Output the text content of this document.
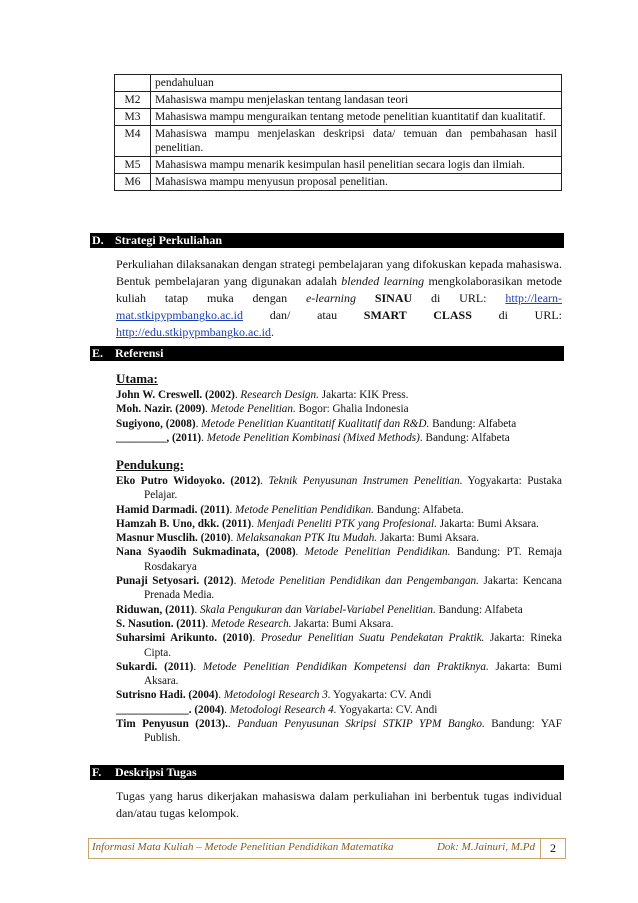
	pendahuluan
M2	Mahasiswa mampu menjelaskan tentang landasan teori
M3	Mahasiswa mampu menguraikan tentang metode penelitian kuantitatif dan kualitatif.
M4	Mahasiswa mampu menjelaskan deskripsi data/ temuan dan pembahasan hasil penelitian.
M5	Mahasiswa mampu menarik kesimpulan hasil penelitian secara logis dan ilmiah.
M6	Mahasiswa mampu menyusun proposal penelitian.
D. Strategi Perkuliahan
Perkuliahan dilaksanakan dengan strategi pembelajaran yang difokuskan kepada mahasiswa. Bentuk pembelajaran yang digunakan adalah blended learning mengkolaborasikan metode kuliah tatap muka dengan e-learning SINAU di URL: http://learn-mat.stkipypmbangko.ac.id dan/ atau SMART CLASS di URL: http://edu.stkipypmbangko.ac.id.
E. Referensi
Utama:
John W. Creswell. (2002). Research Design. Jakarta: KIK Press.
Moh. Nazir. (2009). Metode Penelitian. Bogor: Ghalia Indonesia
Sugiyono, (2008). Metode Penelitian Kuantitatif Kualitatif dan R&D. Bandung: Alfabeta
_________, (2011). Metode Penelitian Kombinasi (Mixed Methods). Bandung: Alfabeta
Pendukung:
Eko Putro Widoyoko. (2012). Teknik Penyusunan Instrumen Penelitian. Yogyakarta: Pustaka Pelajar.
Hamid Darmadi. (2011). Metode Penelitian Pendidikan. Bandung: Alfabeta.
Hamzah B. Uno, dkk. (2011). Menjadi Peneliti PTK yang Profesional. Jakarta: Bumi Aksara.
Masnur Musclih. (2010). Melaksanakan PTK Itu Mudah. Jakarta: Bumi Aksara.
Nana Syaodih Sukmadinata, (2008). Metode Penelitian Pendidikan. Bandung: PT. Remaja Rosdakarya
Punaji Setyosari. (2012). Metode Penelitian Pendidikan dan Pengembangan. Jakarta: Kencana Prenada Media.
Riduwan, (2011). Skala Pengukuran dan Variabel-Variabel Penelitian. Bandung: Alfabeta
S. Nasution. (2011). Metode Research. Jakarta: Bumi Aksara.
Suharsimi Arikunto. (2010). Prosedur Penelitian Suatu Pendekatan Praktik. Jakarta: Rineka Cipta.
Sukardi. (2011). Metode Penelitian Pendidikan Kompetensi dan Praktiknya. Jakarta: Bumi Aksara.
Sutrisno Hadi. (2004). Metodologi Research 3. Yogyakarta: CV. Andi
_____________. (2004). Metodologi Research 4. Yogyakarta: CV. Andi
Tim Penyusun (2013).. Panduan Penyusunan Skripsi STKIP YPM Bangko. Bandung: YAF Publish.
F. Deskripsi Tugas
Tugas yang harus dikerjakan mahasiswa dalam perkuliahan ini berbentuk tugas individual dan/atau tugas kelompok.
Informasi Mata Kuliah – Metode Penelitian Pendidikan Matematika	Dok: M.Jainuri, M.Pd	2
